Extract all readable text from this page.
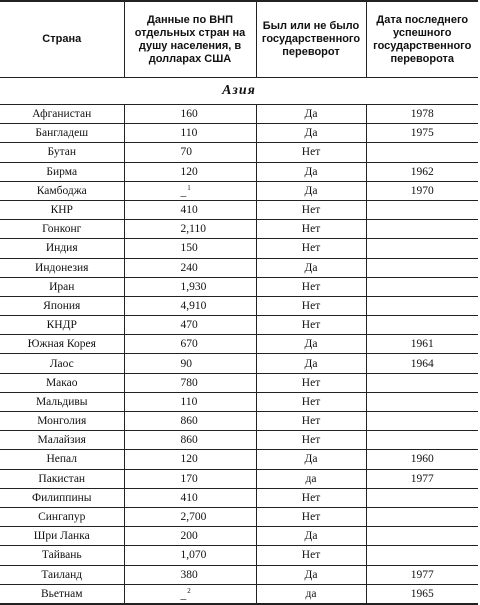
Страна	Данные по ВНП отдельных стран на душу населения, в долларах США	Был или не было государственного переворот	Дата последнего успешного государственного переворота
Азия			
Афганистан	160	Да	1978
Бангладеш	110	Да	1975
Бутан	70	Нет	
Бирма	120	Да	1962
Камбоджа	_$^1$	Да	1970
КНР	410	Нет	
Гонконг	2,110	Нет	
Индия	150	Нет	
Индонезия	240	Да	
Иран	1,930	Нет	
Япония	4,910	Нет	
КНДР	470	Нет	
Южная Корея	670	Да	1961
Лаос	90	Да	1964
Макао	780	Нет	
Мальдивы	110	Нет	
Монголия	860	Нет	
Малайзия	860	Нет	
Непал	120	Да	1960
Пакистан	170	да	1977
Филиппины	410	Нет	
Сингапур	2,700	Нет	
Шри Ланка	200	Да	
Тайвань	1,070	Нет	
Таиланд	380	Да	1977
Вьетнам	_$^2$	да	1965
